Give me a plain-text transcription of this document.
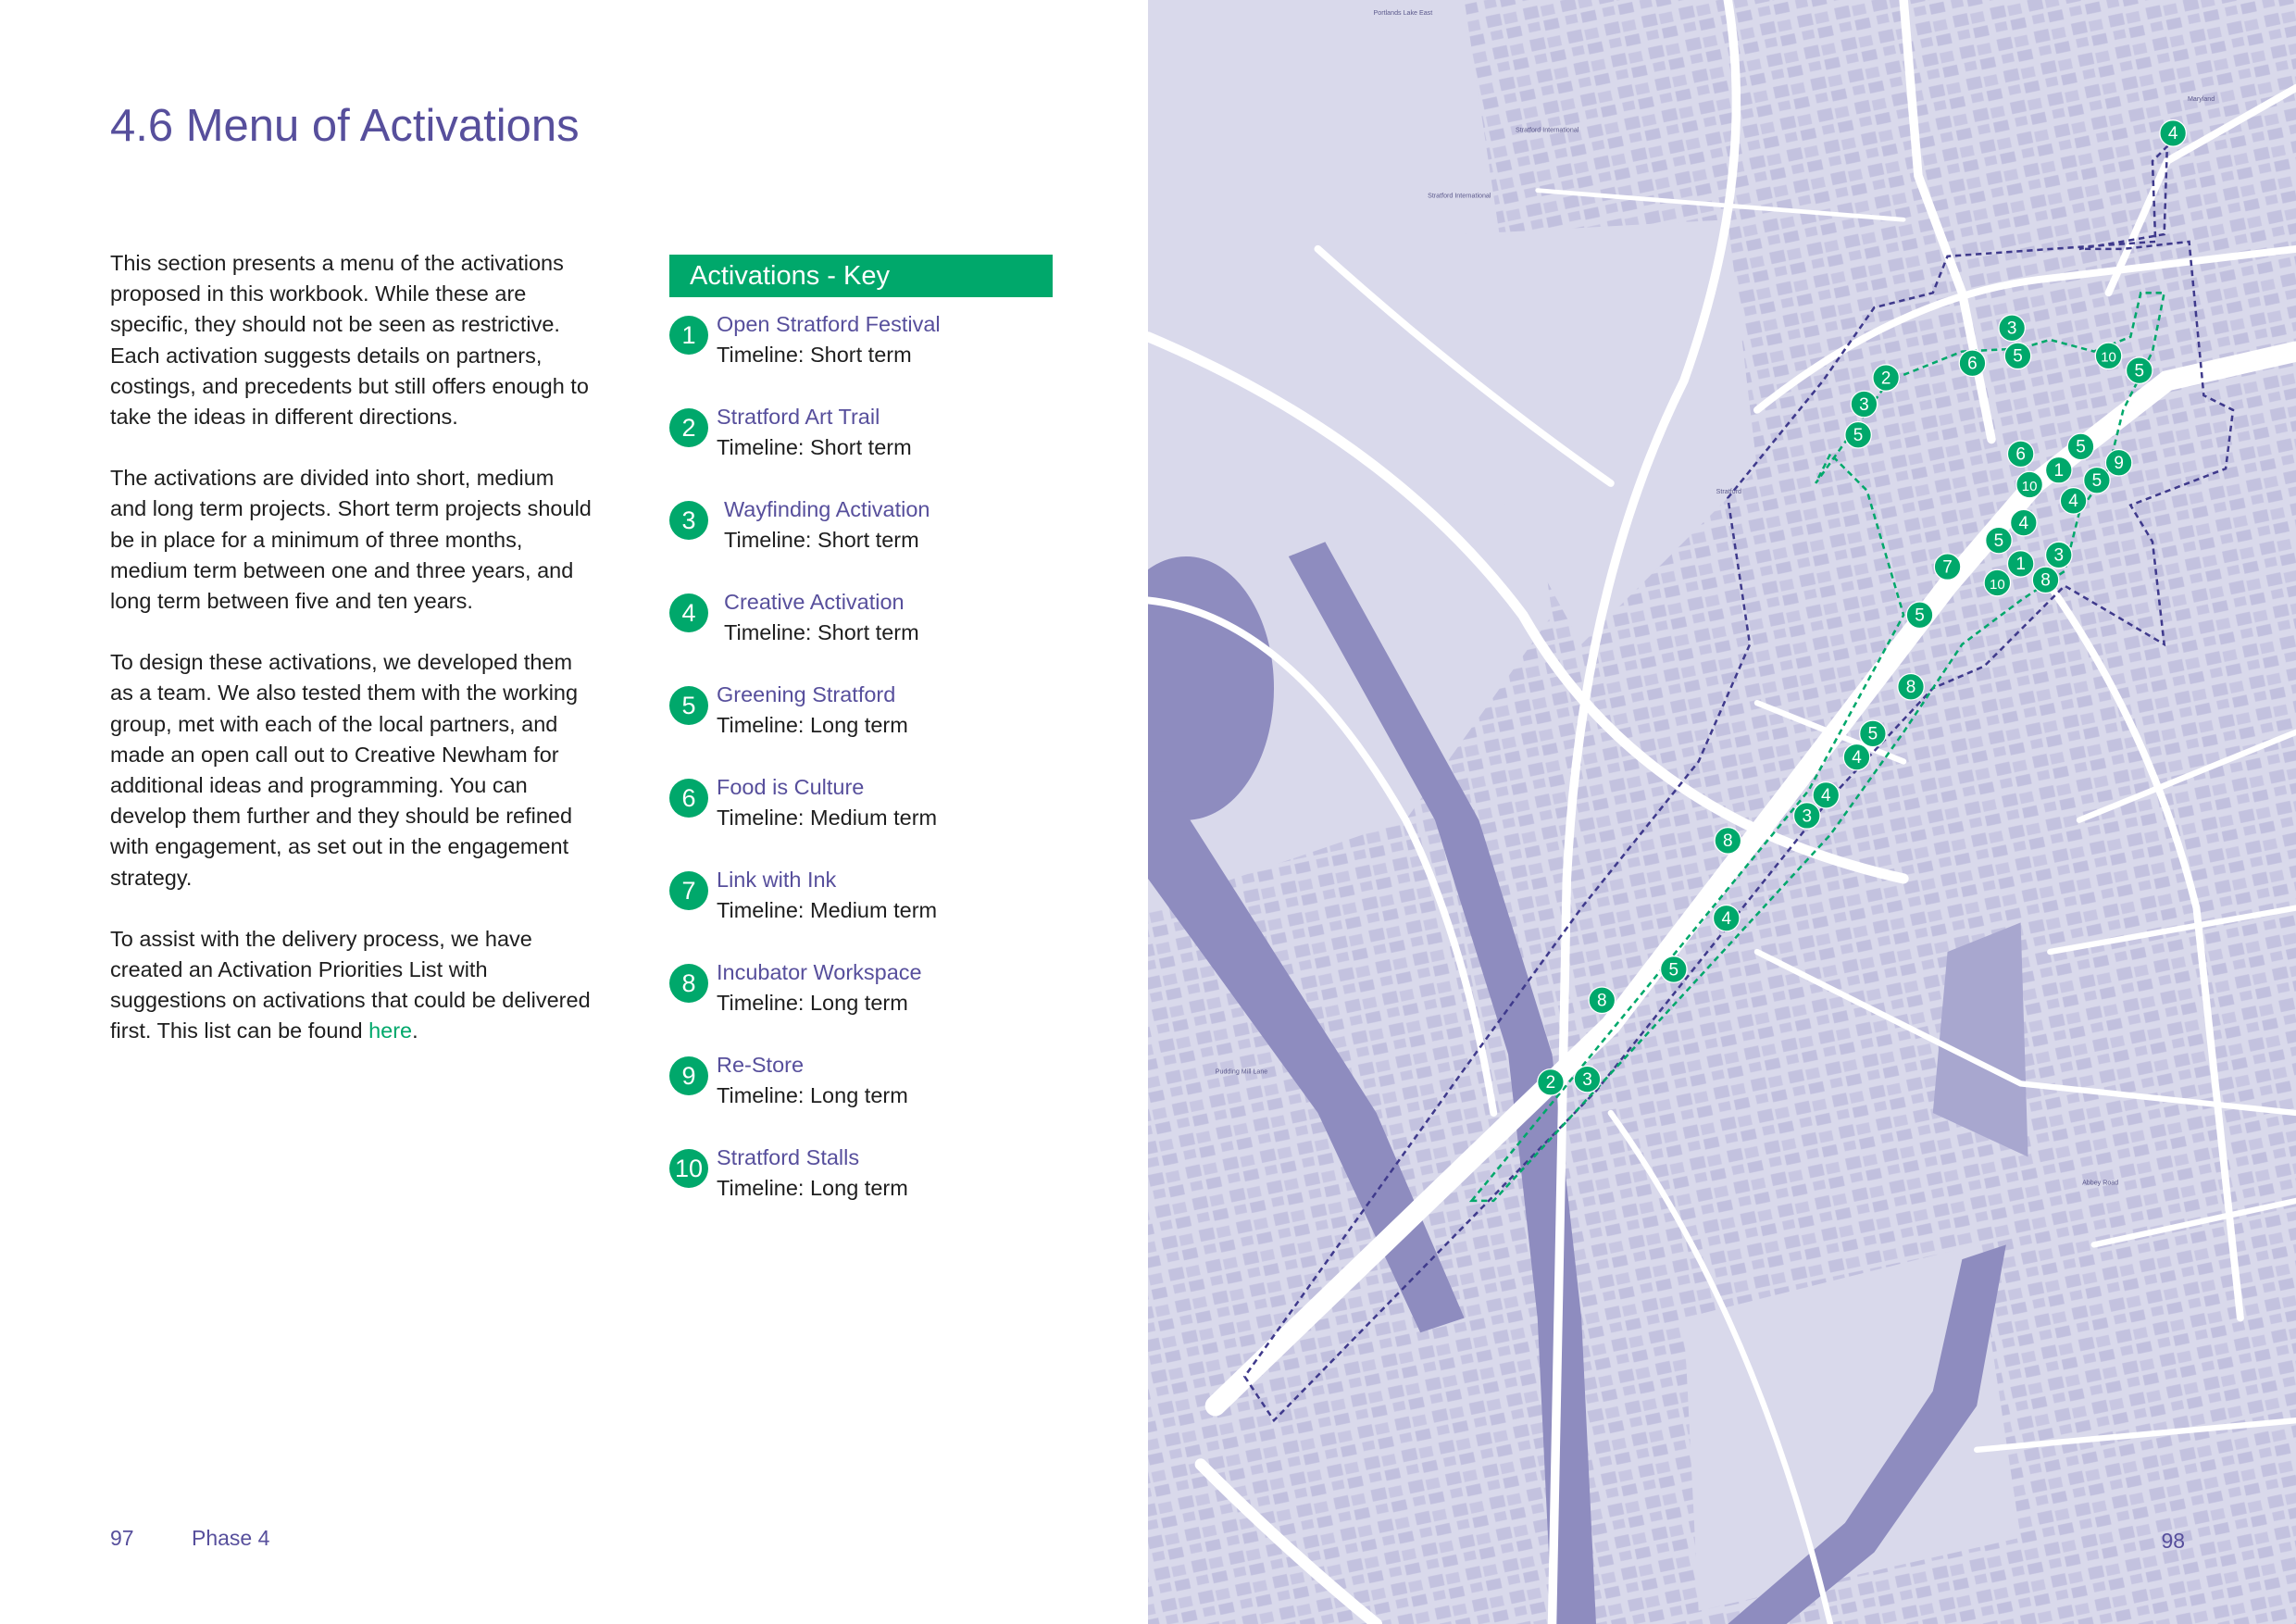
4.6 Menu of Activations

This section presents a menu of the activations proposed in this workbook. While these are specific, they should not be seen as restrictive. Each activation suggests details on partners, costings, and precedents but still offers enough to take the ideas in different directions.

The activations are divided into short, medium and long term projects. Short term projects should be in place for a minimum of three months, medium term between one and three years, and long term between five and ten years.

To design these activations, we developed them as a team. We also tested them with the working group, met with each of the local partners, and made an open call out to Creative Newham for additional ideas and programming. You can develop them further and they should be refined with engagement, as set out in the engagement strategy.

To assist with the delivery process, we have created an Activation Priorities List with suggestions on activations that could be delivered first. This list can be found here.

Activations - Key
1 Open Stratford Festival
Timeline: Short term
2 Stratford Art Trail
Timeline: Short term
3	Wayfinding Activation
Timeline: Short term
4	Creative Activation
Timeline: Short term
5 Greening Stratford
Timeline: Long term
6 Food is Culture
Timeline: Medium term
7 Link with Ink
Timeline: Medium term
8 Incubator Workspace
Timeline: Long term
9 Re-Store
Timeline: Long term
10 Stratford Stalls
Timeline: Long term
97	Phase 4
Stratford International
Stratford International
Stratford
Maryland
Pudding Mill Lane
Abbey Road
Portlands Lake East
4
3
2
6	5	10
5
3
5
6	5
9
1
10	5
4
4
5
3
7	1
10	8
5
8
5
4
4
3
8
4
5
8
2 3
98
